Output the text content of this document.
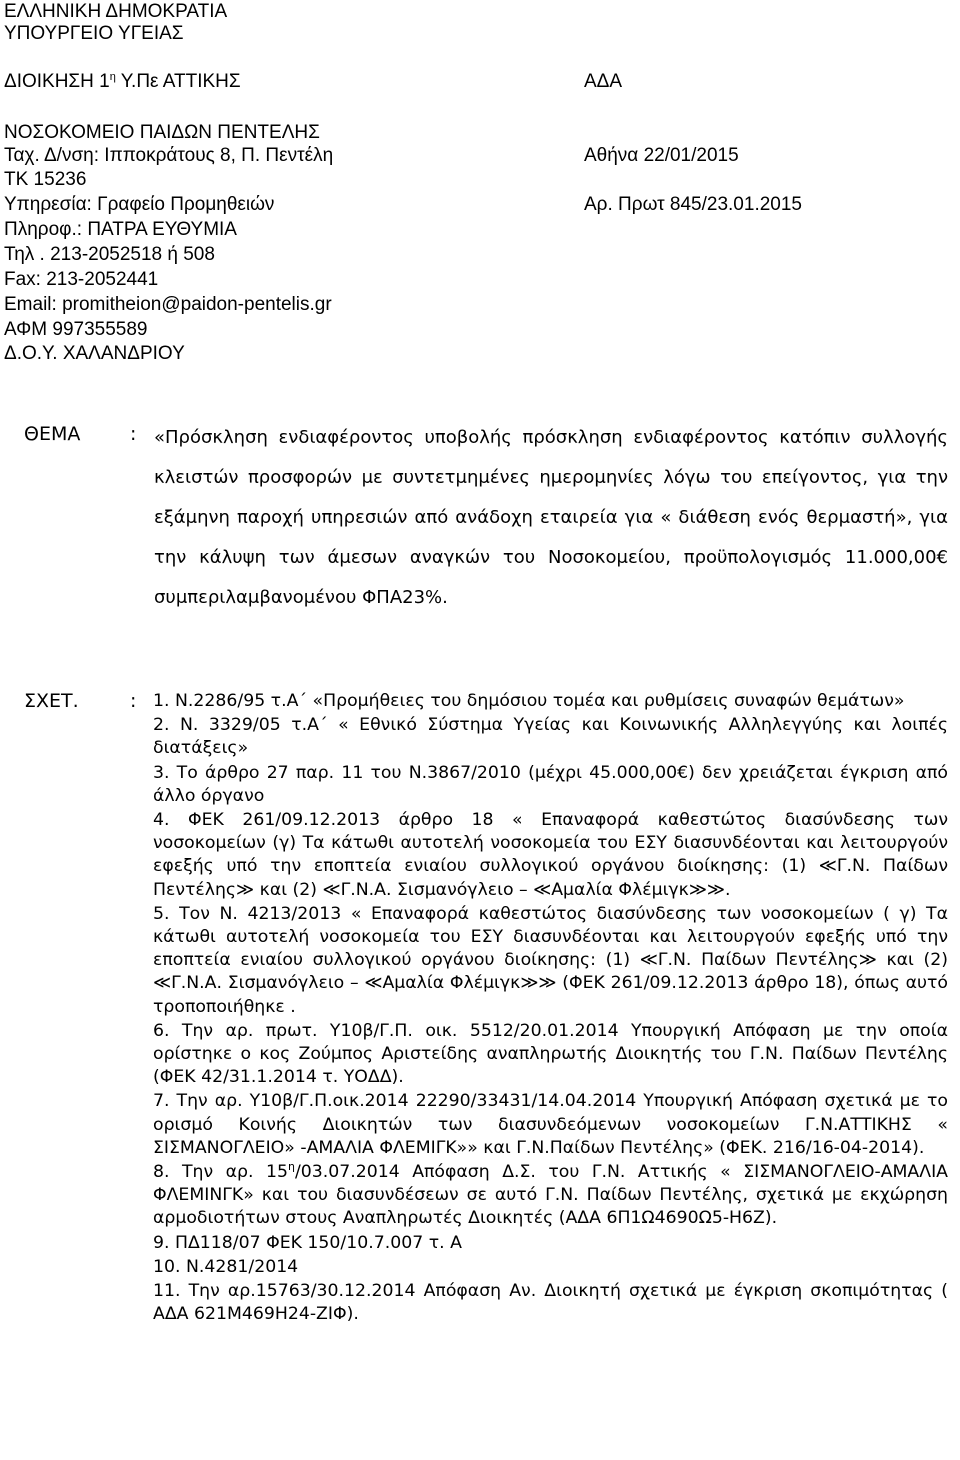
ΕΛΛΗΝΙΚΗ ΔΗΜΟΚΡΑΤΙΑ
ΥΠΟΥΡΓΕΙΟ ΥΓΕΙΑΣ
ΔΙΟΙΚΗΣΗ $1^\eta$ Υ.Πε ΑΤΤΙΚΗΣ
ΝΟΣΟΚΟΜΕΙΟ ΠΑΙΔΩΝ ΠΕΝΤΕΛΗΣ
Ταχ. Δ/νση: Ιπποκράτους 8, Π. Πεντέλη
ΤΚ 15236
Υπηρεσία: Γραφείο Προμηθειών
Πληροφ.: ΠΑΤΡΑ ΕΥΘΥΜΙΑ
Τηλ . 213-2052518 ή 508
Fax: 213-2052441
Email: promitheion@paidon-pentelis.gr
ΑΦΜ 997355589
Δ.Ο.Υ. ΧΑΛΑΝΔΡΙΟΥ
ΑΔΑ
Αθήνα 22/01/2015
Αρ. Πρωτ 845/23.01.2015
ΘΕΜΑ	: «Πρόσκληση ενδιαφέροντος υποβολής πρόσκληση ενδιαφέροντος κατόπιν συλλογής κλειστών προσφορών με συντετμημένες ημερομηνίες λόγω του επείγοντος, για την εξάμηνη παροχή υπηρεσιών από ανάδοχη εταιρεία για « διάθεση ενός θερμαστή», για την κάλυψη των άμεσων αναγκών του Νοσοκομείου, προϋπολογισμός 11.000,00€ συμπεριλαμβανομένου ΦΠΑ23%.
ΣΧΕΤ.	: 1. Ν.2286/95 τ.Α΄ «Προμήθειες του δημόσιου τομέα και ρυθμίσεις συναφών θεμάτων»
2. Ν. 3329/05 τ.Α΄ « Εθνικό Σύστημα Υγείας και Κοινωνικής Αλληλεγγύης και λοιπές διατάξεις»
3. Το άρθρο 27 παρ. 11 του Ν.3867/2010 (μέχρι 45.000,00€) δεν χρειάζεται έγκριση από άλλο όργανο
4. ΦΕΚ 261/09.12.2013 άρθρο 18 « Επαναφορά καθεστώτος διασύνδεσης των νοσοκομείων (γ) Τα κάτωθι αυτοτελή νοσοκομεία του ΕΣΥ διασυνδέονται και λειτουργούν εφεξής υπό την εποπτεία ενιαίου συλλογικού οργάνου διοίκησης: (1) ≪Γ.Ν. Παίδων Πεντέλης≫ και (2) ≪Γ.Ν.Α. Σισμανόγλειο – ≪Αμαλία Φλέμιγκ≫≫.
5. Τον Ν. 4213/2013 « Επαναφορά καθεστώτος διασύνδεσης των νοσοκομείων ( γ) Τα κάτωθι αυτοτελή νοσοκομεία του ΕΣΥ διασυνδέονται και λειτουργούν εφεξής υπό την εποπτεία ενιαίου συλλογικού οργάνου διοίκησης: (1) ≪Γ.Ν. Παίδων Πεντέλης≫ και (2) ≪Γ.Ν.Α. Σισμανόγλειο – ≪Αμαλία Φλέμιγκ≫≫ (ΦΕΚ 261/09.12.2013 άρθρο 18), όπως αυτό τροποποιήθηκε .
6. Την αρ. πρωτ. Υ10β/Γ.Π. οικ. 5512/20.01.2014 Υπουργική Απόφαση με την οποία ορίστηκε ο κος Ζούμπος Αριστείδης αναπληρωτής Διοικητής του Γ.Ν. Παίδων Πεντέλης (ΦΕΚ 42/31.1.2014 τ. ΥΟΔΔ).
7. Την αρ. Υ10β/Γ.Π.οικ.2014 22290/33431/14.04.2014 Υπουργική Απόφαση σχετικά με το ορισμό Κοινής Διοικητών των διασυνδεόμενων νοσοκομείων Γ.Ν.ΑΤΤΙΚΗΣ « ΣΙΣΜΑΝΟΓΛΕΙΟ» -ΑΜΑΛΙΑ ΦΛΕΜΙΓΚ»» και Γ.Ν.Παίδων Πεντέλης» (ΦΕΚ. 216/16-04-2014).
8. Την αρ. $15^\eta/03.07.2014$ Απόφαση Δ.Σ. του Γ.Ν. Αττικής « ΣΙΣΜΑΝΟΓΛΕΙΟ-ΑΜΑΛΙΑ ΦΛΕΜΙΝΓΚ» και του διασυνδέσεων σε αυτό Γ.Ν. Παίδων Πεντέλης, σχετικά με εκχώρηση αρμοδιοτήτων στους Αναπληρωτές Διοικητές (ΑΔΑ 6Π1Ω4690Ω5-Η6Ζ).
9. ΠΔ118/07 ΦΕΚ 150/10.7.007 τ. Α
10. Ν.4281/2014
11. Την αρ.15763/30.12.2014 Απόφαση Αν. Διοικητή σχετικά με έγκριση σκοπιμότητας ( ΑΔΑ 621Μ469Η24-ΖΙΦ).
